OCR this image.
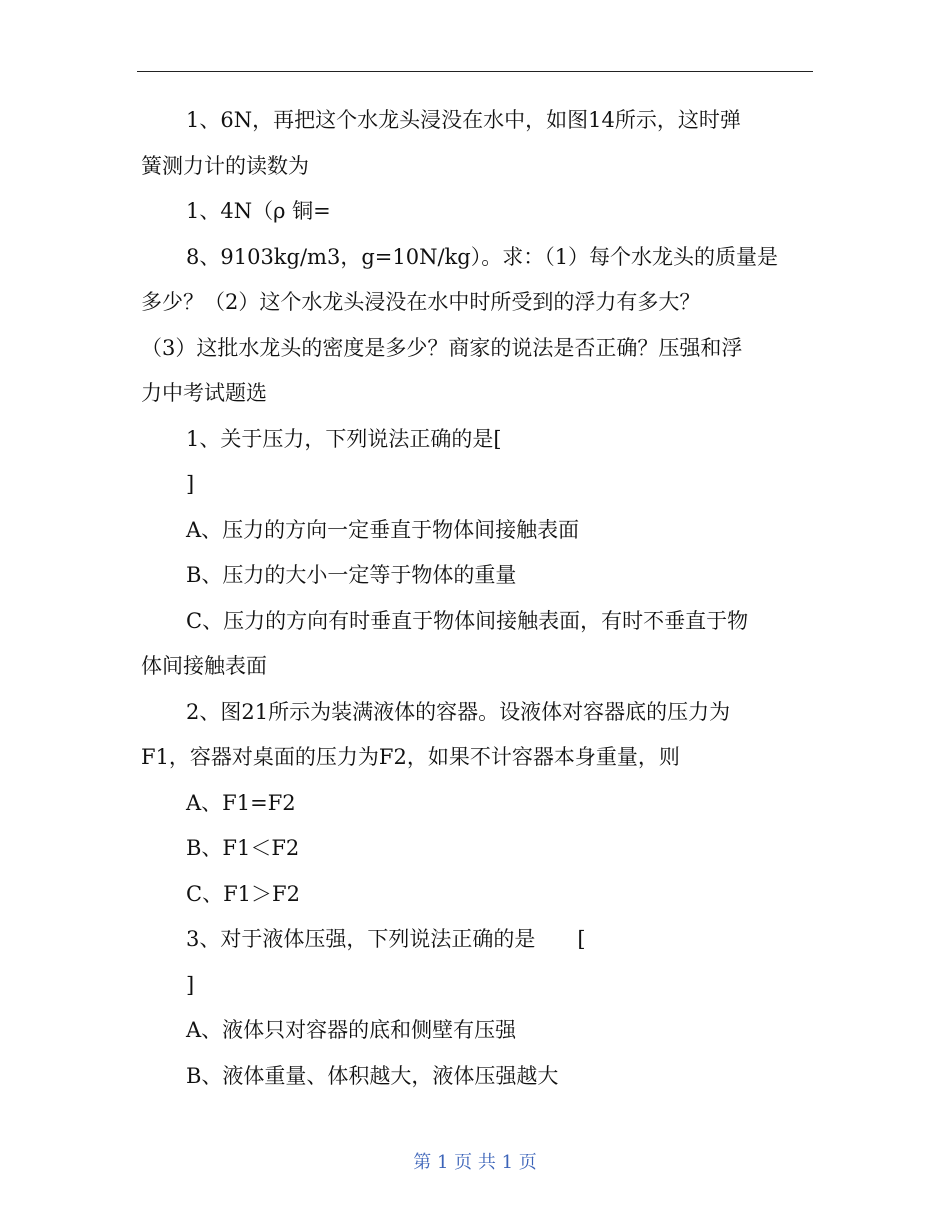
1、6N，再把这个水龙头浸没在水中，如图14所示，这时弹

簧测力计的读数为

1、4N（ρ 铜=

8、9103kg/m3，g=10N/kg）。求：（1）每个水龙头的质量是

多少？（2）这个水龙头浸没在水中时所受到的浮力有多大？

（3）这批水龙头的密度是多少？商家的说法是否正确？压强和浮

力中考试题选

1、关于压力，下列说法正确的是[

]

A、压力的方向一定垂直于物体间接触表面

B、压力的大小一定等于物体的重量

C、压力的方向有时垂直于物体间接触表面，有时不垂直于物

体间接触表面

2、图21所示为装满液体的容器。设液体对容器底的压力为

F1，容器对桌面的压力为F2，如果不计容器本身重量，则

A、F1=F2

B、F1＜F2

C、F1＞F2

3、对于液体压强，下列说法正确的是　　[

]

A、液体只对容器的底和侧壁有压强

B、液体重量、体积越大，液体压强越大

第 1 页 共 1 页
